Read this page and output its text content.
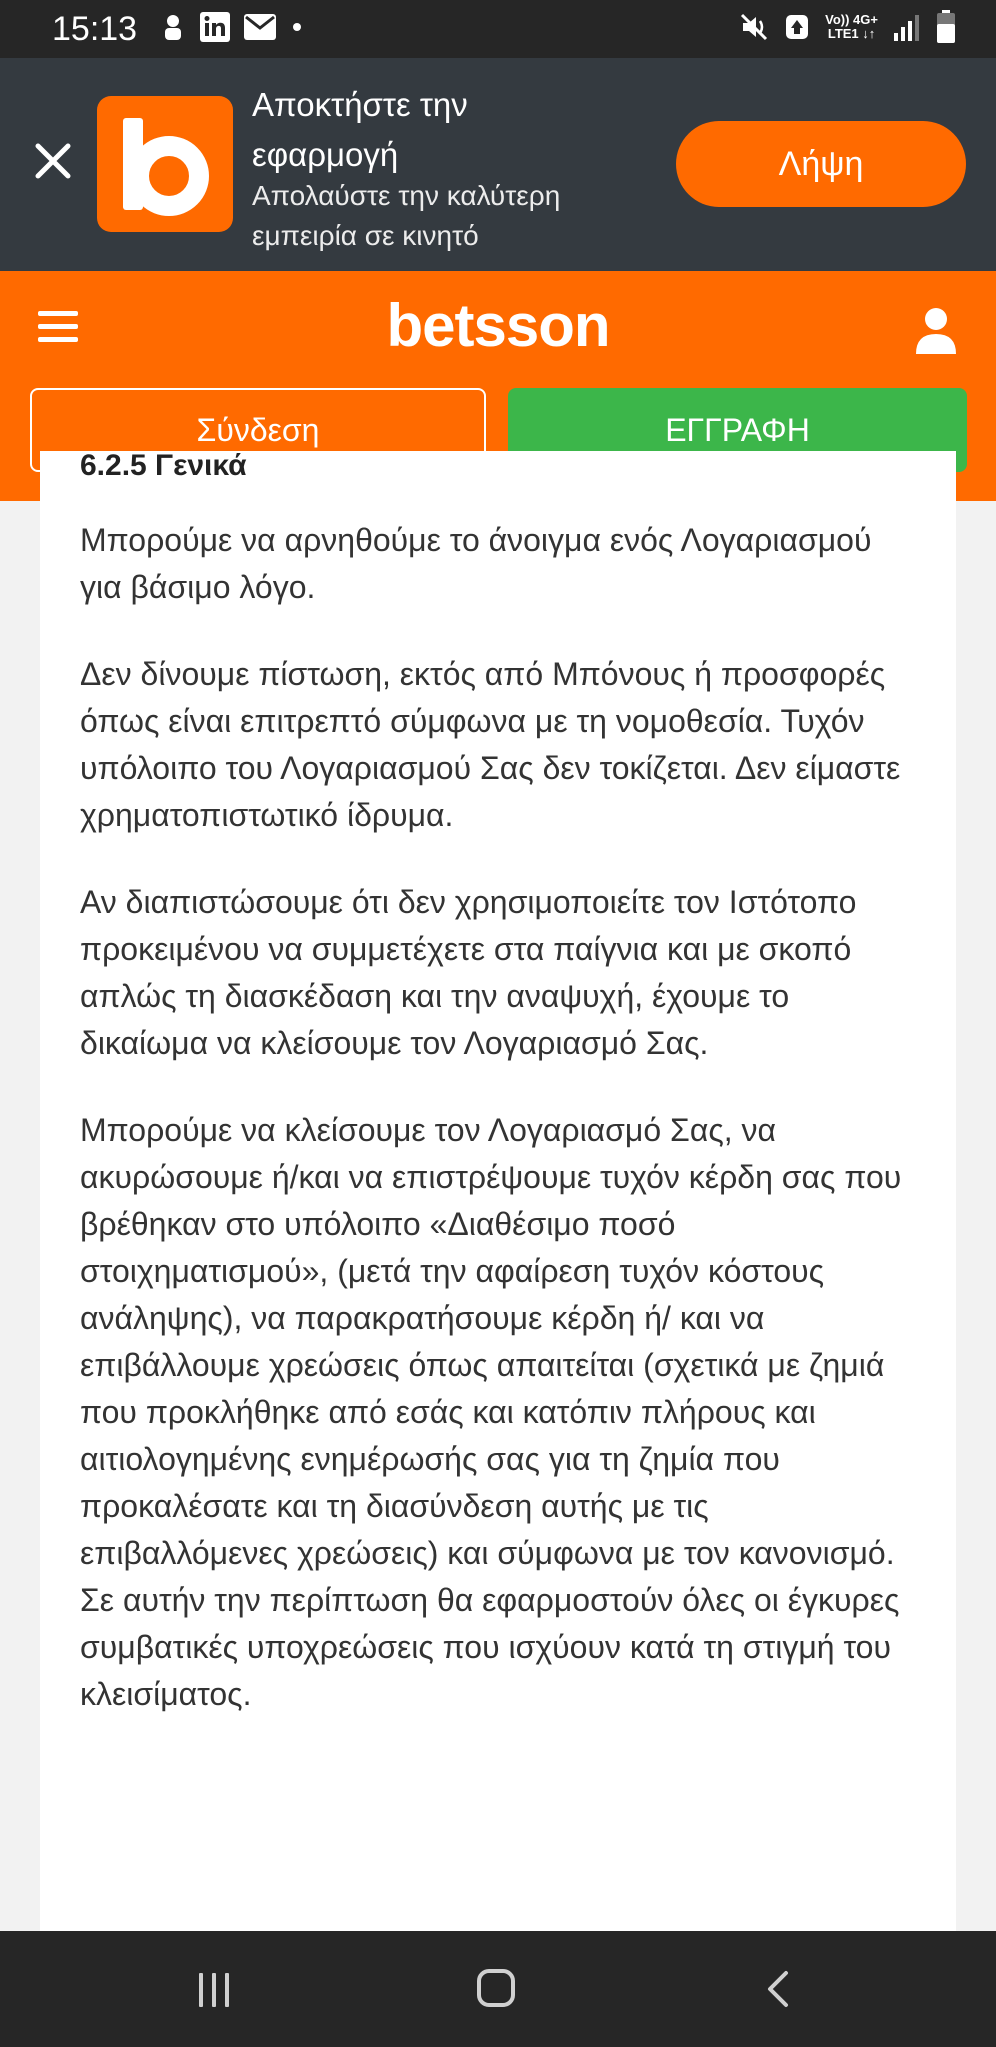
15:13	Vo)) 4G+
LTE1 ↓↑
Αποκτήστε την εφαρμογή
Απολαύστε την καλύτερη εμπειρία σε κινητό
Λήψη
betsson
Σύνδεση	ΕΓΓΡΑΦΗ
6.2.5 Γενικά

Μπορούμε να αρνηθούμε το άνοιγμα ενός Λογαριασμού για βάσιμο λόγο.

Δεν δίνουμε πίστωση, εκτός από Μπόνους ή προσφορές όπως είναι επιτρεπτό σύμφωνα με τη νομοθεσία. Τυχόν υπόλοιπο του Λογαριασμού Σας δεν τοκίζεται. Δεν είμαστε χρηματοπιστωτικό ίδρυμα.

Αν διαπιστώσουμε ότι δεν χρησιμοποιείτε τον Ιστότοπο προκειμένου να συμμετέχετε στα παίγνια και με σκοπό απλώς τη διασκέδαση και την αναψυχή, έχουμε το δικαίωμα να κλείσουμε τον Λογαριασμό Σας.

Μπορούμε να κλείσουμε τον Λογαριασμό Σας, να ακυρώσουμε ή/και να επιστρέψουμε τυχόν κέρδη σας που βρέθηκαν στο υπόλοιπο «Διαθέσιμο ποσό στοιχηματισμού», (μετά την αφαίρεση τυχόν κόστους ανάληψης), να παρακρατήσουμε κέρδη ή/ και να επιβάλλουμε χρεώσεις όπως απαιτείται (σχετικά με ζημιά που προκλήθηκε από εσάς και κατόπιν πλήρους και αιτιολογημένης ενημέρωσής σας για τη ζημία που προκαλέσατε και τη διασύνδεση αυτής με τις επιβαλλόμενες χρεώσεις) και σύμφωνα με τον κανονισμό. Σε αυτήν την περίπτωση θα εφαρμοστούν όλες οι έγκυρες συμβατικές υποχρεώσεις που ισχύουν κατά τη στιγμή του κλεισίματος.
